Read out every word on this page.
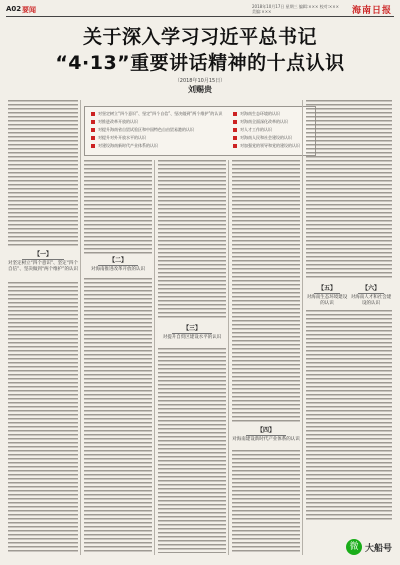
A02 要闻	2018年10月17日 星期三 编辑:××× 校对:××× 美编:×××	海南日报
关于深入学习习近平总书记
“4·13”重要讲话精神的十点认识
（2018年10月15日）
刘赐贵
【一】
对坚定树立“四个意识”、坚定“四个自信”、坚决做到“两个维护”的认识
对坚定树立“四个意识”、坚定“四个自信”、坚决做到“两个维护”的认识
对推进改革开放的认识
对提升海南省自贸试验区和中国特色自由贸易港的认识
对提升对外开放水平的认识
对建设海南新时代产业体系的认识
对海南生态环境的认识
对海南全面深化改革的认识
对人才工作的认识
对海南人民和社会建设的认识
对加强党的领导和党的建设的认识
【二】
对海南推进改革开放的认识
【三】
对提升自贸区建设水平的认识
【四】
对海南建设新时代产业体系的认识
【五】
对海南生态环境建设的认识
【六】
对海南人才和社会建设的认识
微 大船号
